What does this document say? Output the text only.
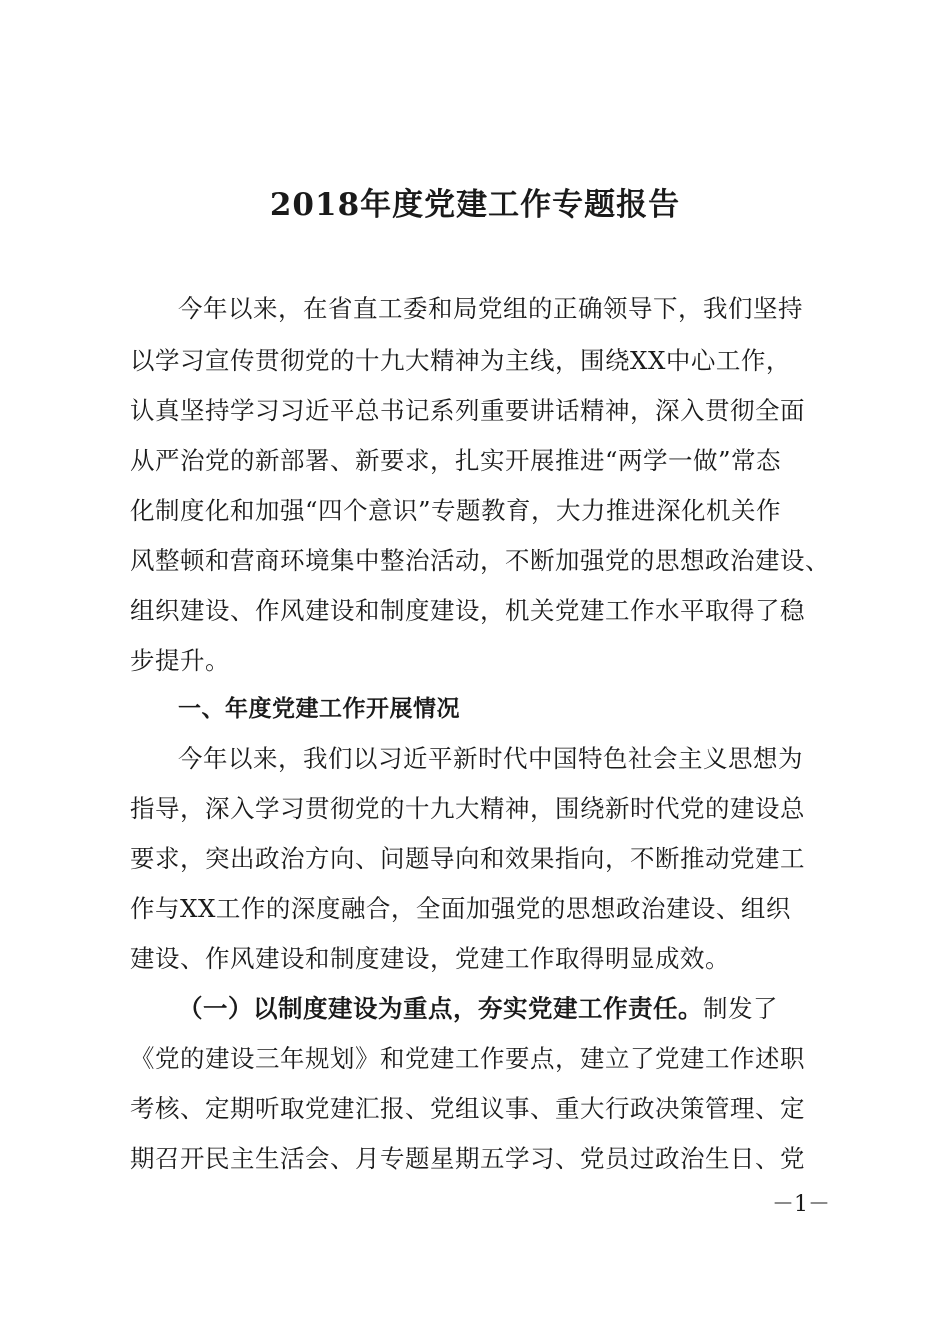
2018年度党建工作专题报告
今年以来，在省直工委和局党组的正确领导下，我们坚持
以学习宣传贯彻党的十九大精神为主线，围绕XX中心工作，
认真坚持学习习近平总书记系列重要讲话精神，深入贯彻全面
从严治党的新部署、新要求，扎实开展推进“两学一做”常态
化制度化和加强“四个意识”专题教育，大力推进深化机关作
风整顿和营商环境集中整治活动，不断加强党的思想政治建设、
组织建设、作风建设和制度建设，机关党建工作水平取得了稳
步提升。
一、年度党建工作开展情况
今年以来，我们以习近平新时代中国特色社会主义思想为
指导，深入学习贯彻党的十九大精神，围绕新时代党的建设总
要求，突出政治方向、问题导向和效果指向，不断推动党建工
作与XX工作的深度融合，全面加强党的思想政治建设、组织
建设、作风建设和制度建设，党建工作取得明显成效。
（一）以制度建设为重点，夯实党建工作责任。制发了
《党的建设三年规划》和党建工作要点，建立了党建工作述职
考核、定期听取党建汇报、党组议事、重大行政决策管理、定
期召开民主生活会、月专题星期五学习、党员过政治生日、党
－1－
